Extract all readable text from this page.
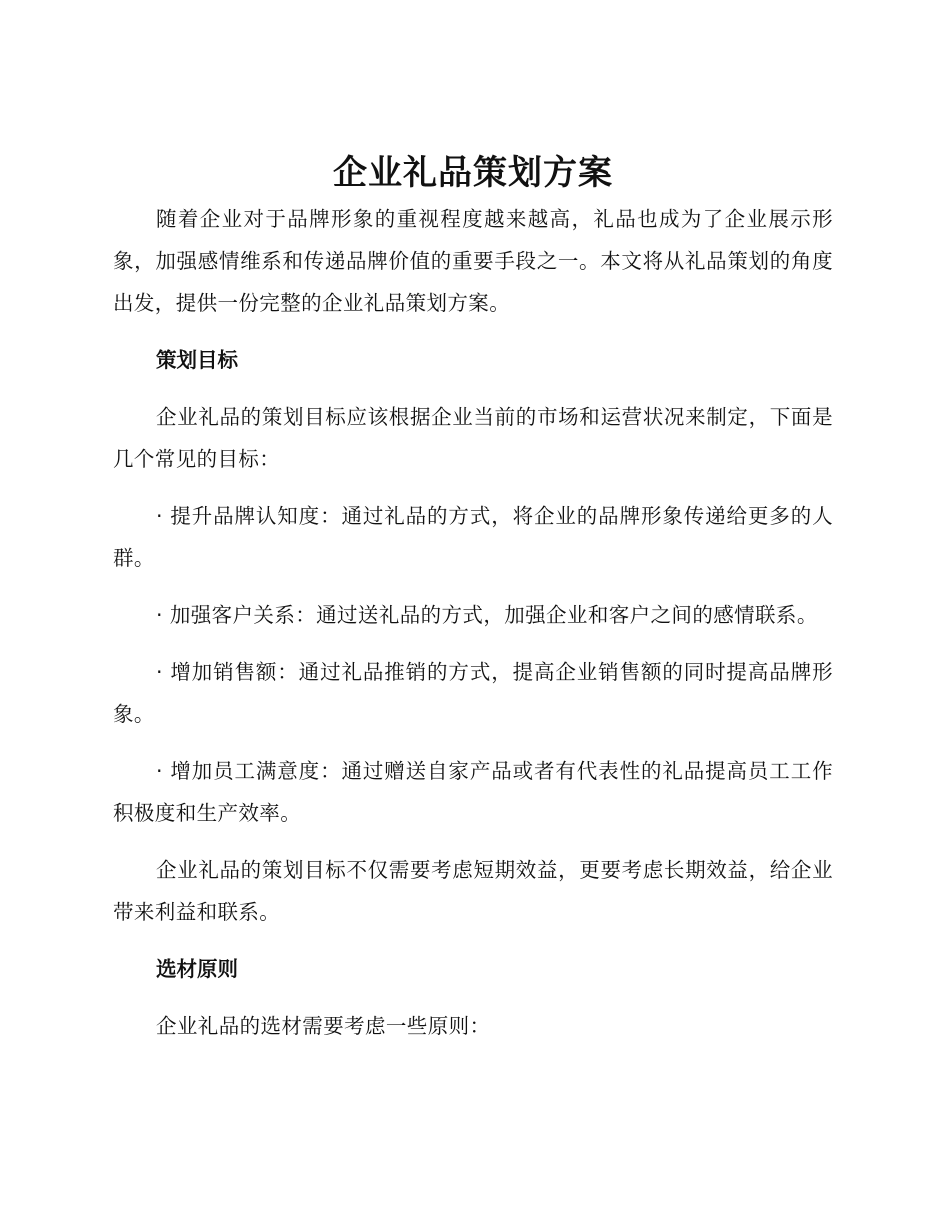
企业礼品策划方案

随着企业对于品牌形象的重视程度越来越高，礼品也成为了企业展示形象，加强感情维系和传递品牌价值的重要手段之一。本文将从礼品策划的角度出发，提供一份完整的企业礼品策划方案。

策划目标

企业礼品的策划目标应该根据企业当前的市场和运营状况来制定，下面是几个常见的目标：

· 提升品牌认知度：通过礼品的方式，将企业的品牌形象传递给更多的人群。

· 加强客户关系：通过送礼品的方式，加强企业和客户之间的感情联系。

· 增加销售额：通过礼品推销的方式，提高企业销售额的同时提高品牌形象。

· 增加员工满意度：通过赠送自家产品或者有代表性的礼品提高员工工作积极度和生产效率。

企业礼品的策划目标不仅需要考虑短期效益，更要考虑长期效益，给企业带来利益和联系。

选材原则

企业礼品的选材需要考虑一些原则：
